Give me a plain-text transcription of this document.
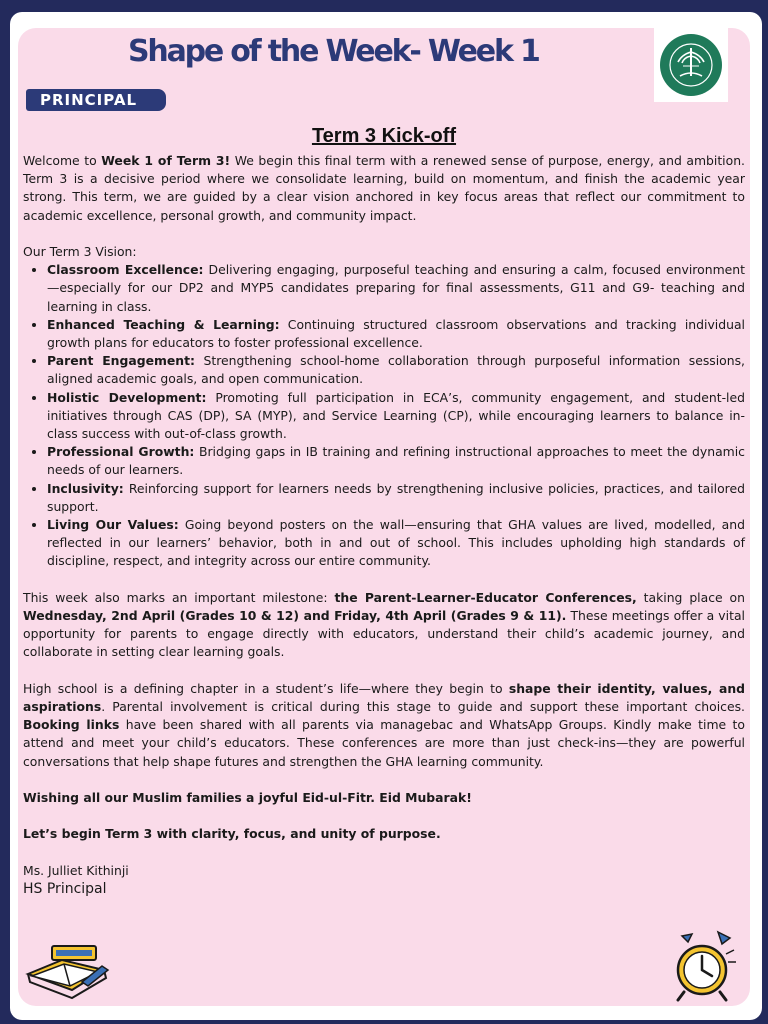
Shape of the Week- Week 1
PRINCIPAL
Term 3 Kick-off

Welcome to Week 1 of Term 3! We begin this final term with a renewed sense of purpose, energy, and ambition. Term 3 is a decisive period where we consolidate learning, build on momentum, and finish the academic year strong. This term, we are guided by a clear vision anchored in key focus areas that reflect our commitment to academic excellence, personal growth, and community impact.

Our Term 3 Vision:

• Classroom Excellence: Delivering engaging, purposeful teaching and ensuring a calm, focused environment—especially for our DP2 and MYP5 candidates preparing for final assessments, G11 and G9- teaching and learning in class.
• Enhanced Teaching & Learning: Continuing structured classroom observations and tracking individual growth plans for educators to foster professional excellence.
• Parent Engagement: Strengthening school-home collaboration through purposeful information sessions, aligned academic goals, and open communication.
• Holistic Development: Promoting full participation in ECA’s, community engagement, and student-led initiatives through CAS (DP), SA (MYP), and Service Learning (CP), while encouraging learners to balance in-class success with out-of-class growth.
• Professional Growth: Bridging gaps in IB training and refining instructional approaches to meet the dynamic needs of our learners.
• Inclusivity: Reinforcing support for learners needs by strengthening inclusive policies, practices, and tailored support.
• Living Our Values: Going beyond posters on the wall—ensuring that GHA values are lived, modelled, and reflected in our learners’ behavior, both in and out of school. This includes upholding high standards of discipline, respect, and integrity across our entire community.

This week also marks an important milestone: the Parent-Learner-Educator Conferences, taking place on Wednesday, 2nd April (Grades 10 & 12) and Friday, 4th April (Grades 9 & 11). These meetings offer a vital opportunity for parents to engage directly with educators, understand their child’s academic journey, and collaborate in setting clear learning goals.

High school is a defining chapter in a student’s life—where they begin to shape their identity, values, and aspirations. Parental involvement is critical during this stage to guide and support these important choices. Booking links have been shared with all parents via managebac and WhatsApp Groups. Kindly make time to attend and meet your child’s educators. These conferences are more than just check-ins—they are powerful conversations that help shape futures and strengthen the GHA learning community.

Wishing all our Muslim families a joyful Eid-ul-Fitr. Eid Mubarak!

Let’s begin Term 3 with clarity, focus, and unity of purpose.

Ms. Julliet Kithinji

HS Principal
